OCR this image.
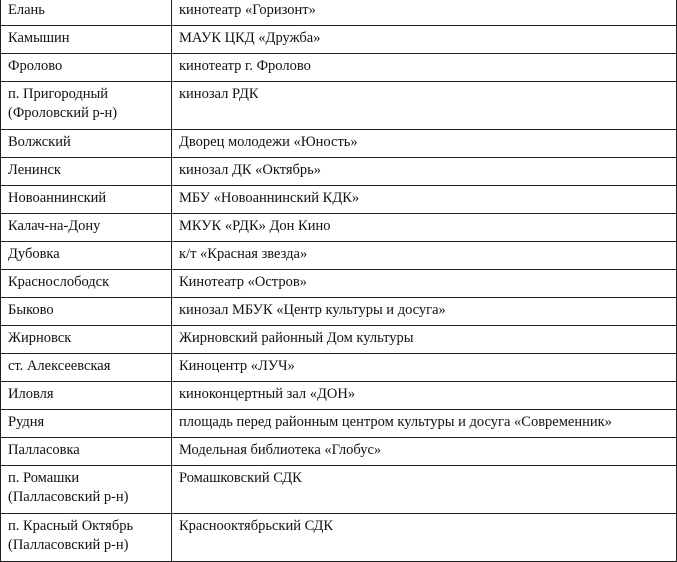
Елань	кинотеатр «Горизонт»
Камышин	МАУК ЦКД «Дружба»
Фролово	кинотеатр г. Фролово
п. Пригородный
(Фроловский р-н)	кинозал РДК
Волжский	Дворец молодежи «Юность»
Ленинск	кинозал ДК «Октябрь»
Новоаннинский	МБУ «Новоаннинский КДК»
Калач-на-Дону	МКУК «РДК» Дон Кино
Дубовка	к/т «Красная звезда»
Краснослободск	Кинотеатр «Остров»
Быково	кинозал МБУК «Центр культуры и досуга»
Жирновск	Жирновский районный Дом культуры
ст. Алексеевская	Киноцентр «ЛУЧ»
Иловля	киноконцертный зал «ДОН»
Рудня	площадь перед районным центром культуры и досуга «Современник»
Палласовка	Модельная библиотека «Глобус»
п. Ромашки
(Палласовский р-н)	Ромашковский СДК
п. Красный Октябрь
(Палласовский р-н)	Краснооктябрьский СДК
